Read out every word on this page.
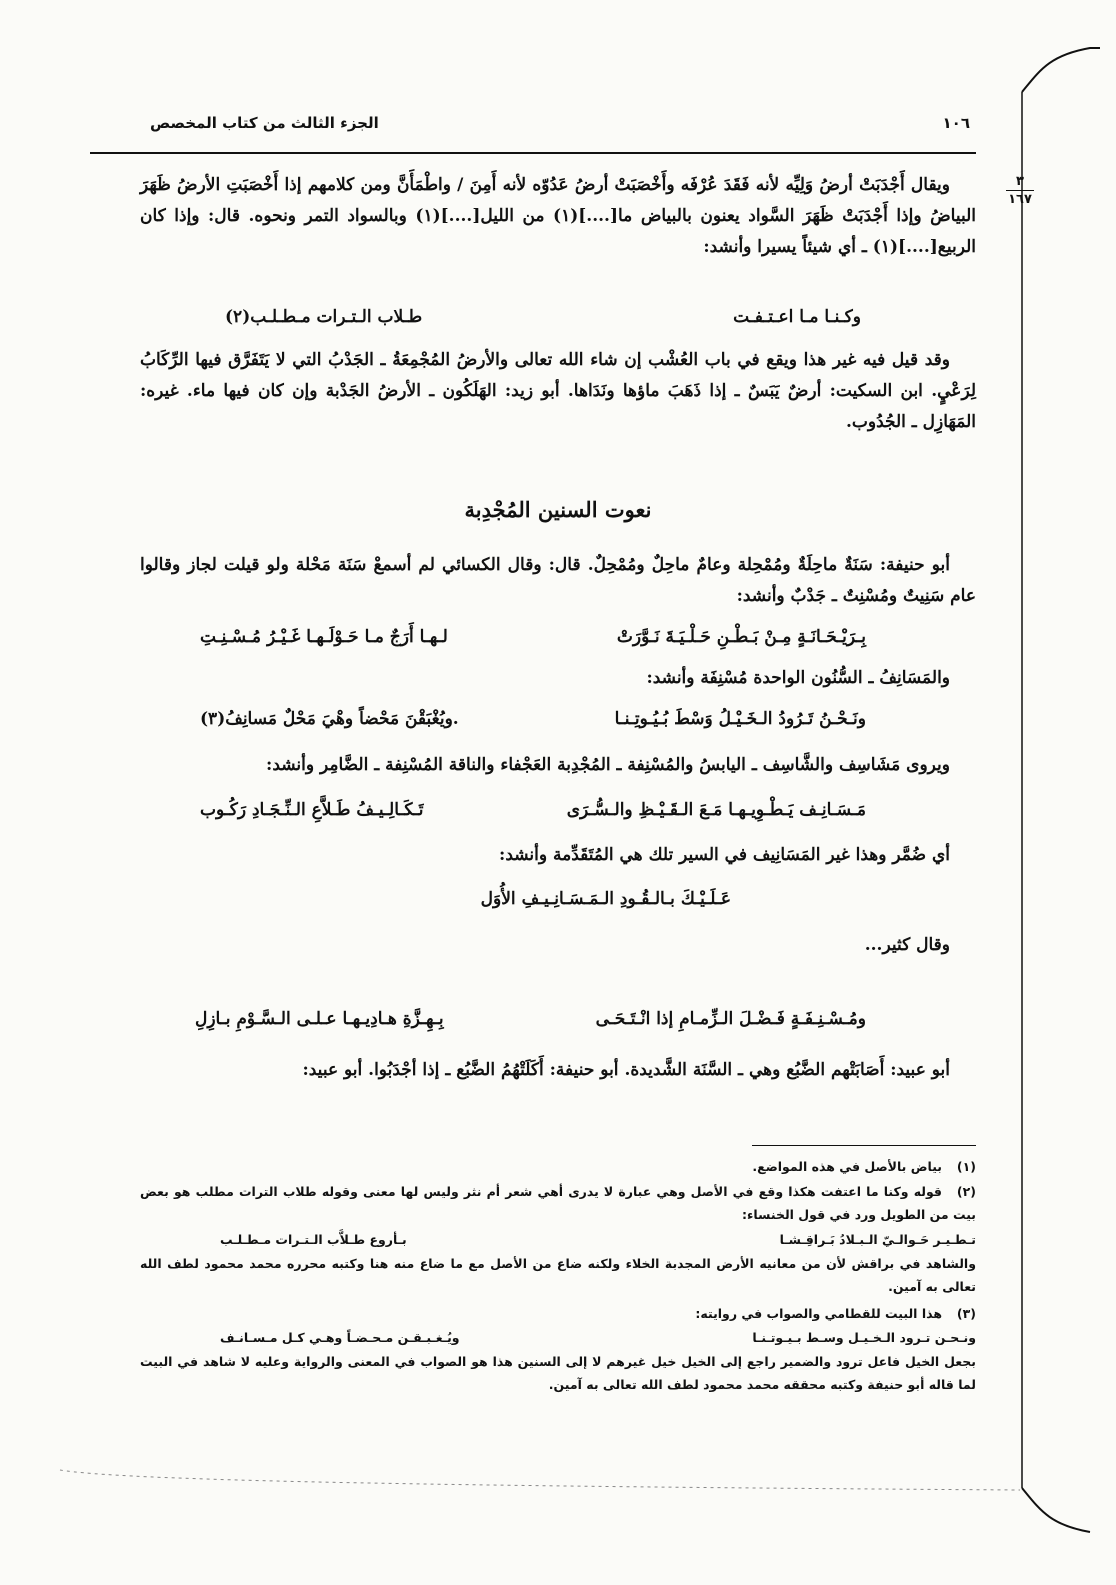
١٠٦
الجزء الثالث من كتاب المخصص
٣
١٦٧

ويقال أَجْدَبَتْ أرضُ وَلِيِّه لأنه فَقَدَ عُرْفَه وأَخْصَبَتْ أرضُ عَدُوّه لأنه أَمِنَ / واطْمَأَنَّ ومن كلامهم إذا أَخْصَبَتِ الأرضُ ظَهَرَ البياضُ وإذا أَجْدَبَتْ ظَهَرَ السَّواد يعنون بالبياض ما[....](١) من الليل[....](١) وبالسواد التمر ونحوه. قال: وإذا كان الربيع[....](١) ـ أي شيئاً يسيرا وأنشد:

وكـنـا مـا اعـتـفـت
طـلاب الـتـرات مـطـلـب(٢)

وقد قيل فيه غير هذا ويقع في باب العُشْب إن شاء الله تعالى والأرضُ المُجْمِعَةُ ـ الجَدْبُ التي لا يَتَفَرَّق فيها الرِّكَابُ لِرَعْيٍ. ابن السكيت: أرضٌ يَبَسٌ ـ إذا ذَهَبَ ماؤها ونَدَاها. أبو زيد: الهَلَكُون ـ الأرضُ الجَدْبة وإن كان فيها ماء. غيره: المَهَازِل ـ الجُدُوب.

نعوت السنين المُجْدِبة

أبو حنيفة: سَنَةٌ ماحِلَةٌ ومُمْحِلة وعامٌ ماحِلٌ ومُمْحِلٌ. قال: وقال الكسائي لم أسمعْ سَنَة مَحْلة ولو قيلت لجاز وقالوا عام سَنِيتٌ ومُسْنِتٌ ـ جَدْبٌ وأنشد:

بِـرَيْـحَـانَـةٍ مِـنْ بَـطْـنِ حَـلْـيَـةَ نَـوَّرَتْ
لـهـا أَرَجٌ مـا حَـوْلَـهـا غَـيْـرُ مُـسْـنِـتِ

والمَسَانِفُ ـ السُّنُون الواحدة مُسْنِفَة وأنشد:

ونَـحْـنُ تَـرُودُ الـخَـيْـلُ وَسْطَ بُـيُـوتِـنـا
.ويُغْبَقْنَ مَحْضاً وهْيَ مَحْلٌ مَسانِفُ(٣)

ويروى مَشَاسِف والشَّاسِف ـ اليابسُ والمُسْنِفة ـ المُجْدِبة العَجْفاء والناقة المُسْنِفة ـ الضَّامِر وأنشد:

مَـسَـانِـف يَـطْـوِيـهـا مَـعَ الـقَـيْـظِ والـسُّـرَى
تَـكَـالِـيـفُ طَـلاَّعِ الـنِّـجَـادِ رَكُـوب

أي ضُمَّر وهذا غير المَسَانِيف في السير تلك هي المُتَقَدِّمة وأنشد:

عَـلَـيْـكَ بـالـقُـودِ الـمَـسَـانِـيـفِ الأُوَل

وقال كثير...

ومُـسْـنِـفَـةٍ فَـضْـلَ الـزِّمـامِ إذا انْـتَـحَـى
بِـهِـزَّةِ هـادِيـهـا عـلـى الـسَّـوْمِ بـازِلِ

أبو عبيد: أَصَابَتْهم الضَّبُع وهي ـ السَّنَة الشَّديدة. أبو حنيفة: أَكَلَتْهُمُ الضَّبُع ـ إذا أجْدَبُوا. أبو عبيد:

(١)بياض بالأصل في هذه المواضع.
(٢)قوله وكنا ما اعتفت هكذا وقع في الأصل وهي عبارة لا يدرى أهي شعر أم نثر وليس لها معنى وقوله طلاب الترات مطلب هو بعض بيت من الطويل ورد في قول الخنساء:
تـطـيـر حَـوالـيّ الـبـلادُ بَـراقِـشـا
بـأروع طـلاَّب الـتـرات مـطـلـب
والشاهد في براقش لأن من معانيه الأرض المجدبة الخلاء ولكنه ضاع من الأصل مع ما ضاع منه هنا وكتبه محرره محمد محمود لطف الله تعالى به آمين.
(٣)هذا البيت للقطامي والصواب في روايته:
ونـحـن تـرود الـخـيـل وسـط بـيـوتـنـا
ويُـغـبـقـن مـحـضـاً وهـي كـل مـسـانـف
بجعل الخيل فاعل ترود والضمير راجع إلى الخيل خيل غيرهم لا إلى السنين هذا هو الصواب في المعنى والرواية وعليه لا شاهد في البيت لما قاله أبو حنيفة وكتبه محققه محمد محمود لطف الله تعالى به آمين.
